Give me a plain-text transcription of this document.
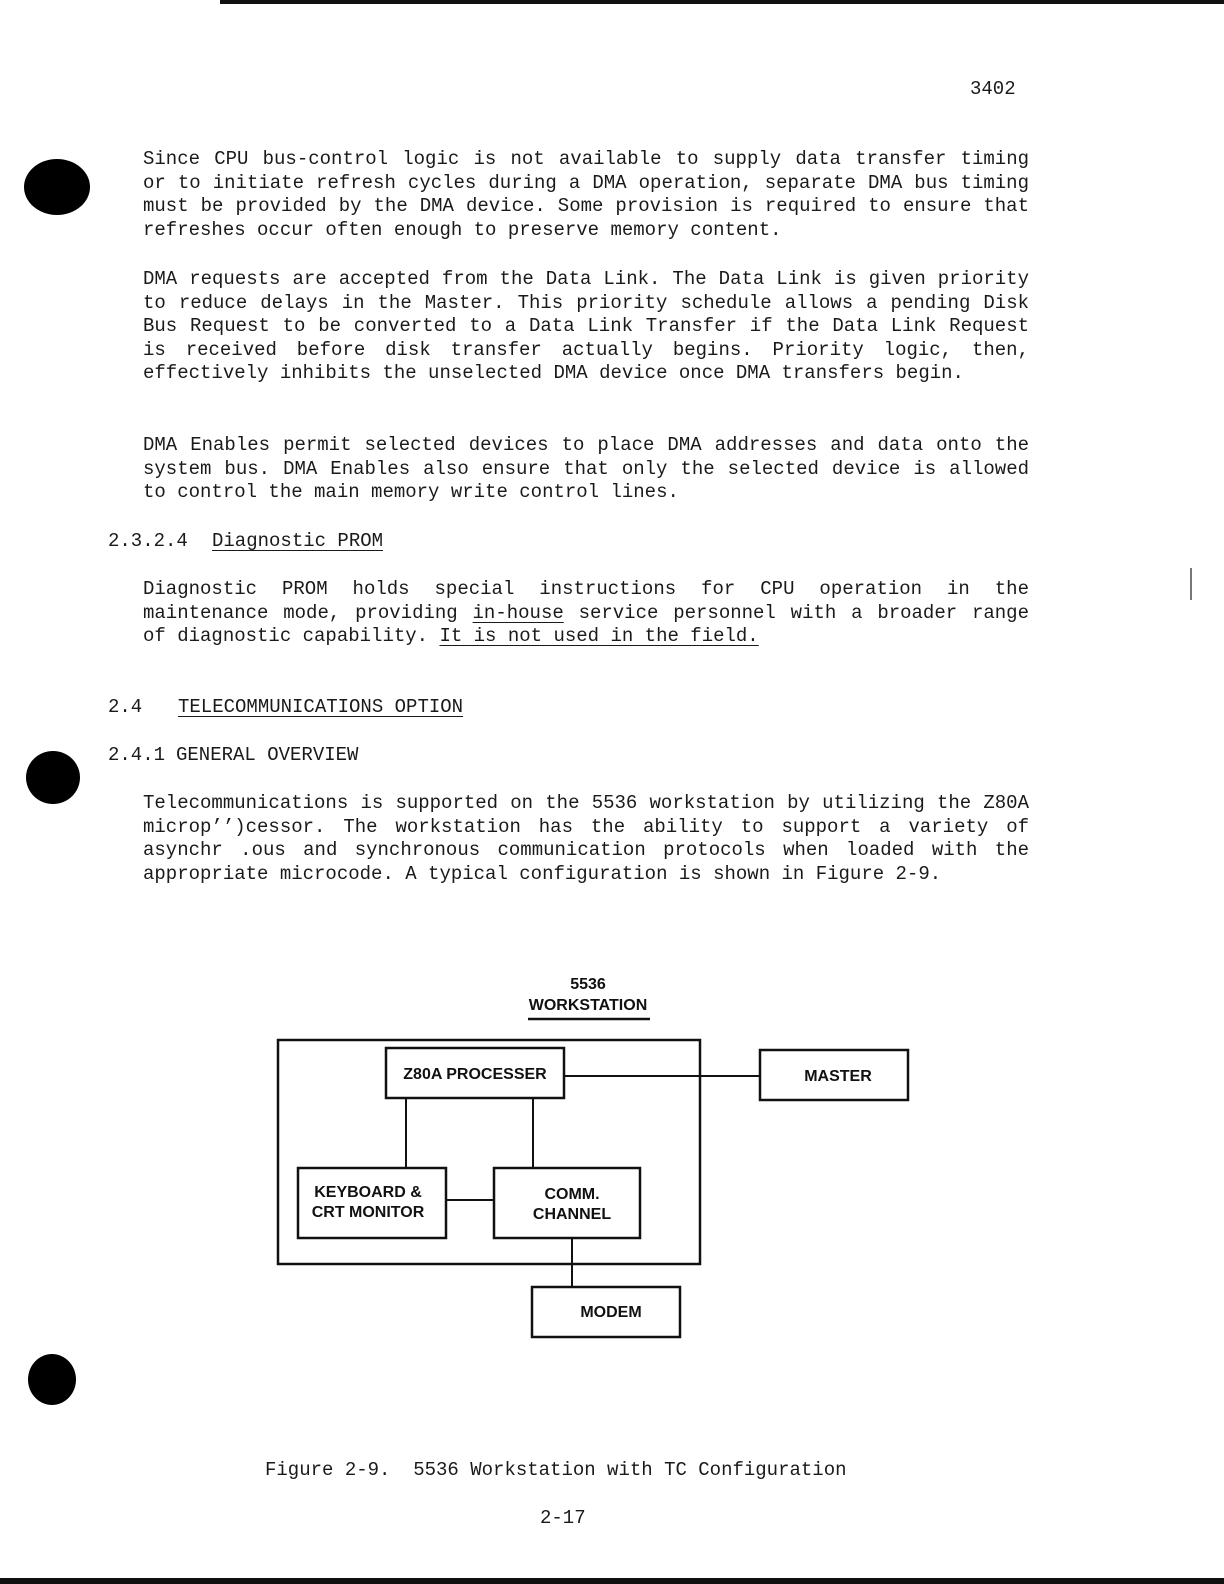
3402

Since CPU bus-control logic is not available to supply data transfer timing or to initiate refresh cycles during a DMA operation, separate DMA bus timing must be provided by the DMA device. Some provision is required to ensure that refreshes occur often enough to preserve memory content.

DMA requests are accepted from the Data Link. The Data Link is given priority to reduce delays in the Master. This priority schedule allows a pending Disk Bus Request to be converted to a Data Link Transfer if the Data Link Request is received before disk transfer actually begins. Priority logic, then, effectively inhibits the unselected DMA device once DMA transfers begin.

DMA Enables permit selected devices to place DMA addresses and data onto the system bus. DMA Enables also ensure that only the selected device is allowed to control the main memory write control lines.

2.3.2.4 Diagnostic PROM

Diagnostic PROM holds special instructions for CPU operation in the maintenance mode, providing in-house service personnel with a broader range of diagnostic capability. It is not used in the field.

2.4 TELECOMMUNICATIONS OPTION
2.4.1 GENERAL OVERVIEW

Telecommunications is supported on the 5536 workstation by utilizing the Z80A microp’’)cessor. The workstation has the ability to support a variety of asynchr .ous and synchronous communication protocols when loaded with the appropriate microcode. A typical configuration is shown in Figure 2-9.

5536
WORKSTATION
Z80A PROCESSER	MASTER
KEYBOARD &
CRT MONITOR
COMM.
CHANNEL
MODEM
Figure 2-9.  5536 Workstation with TC Configuration
2-17
